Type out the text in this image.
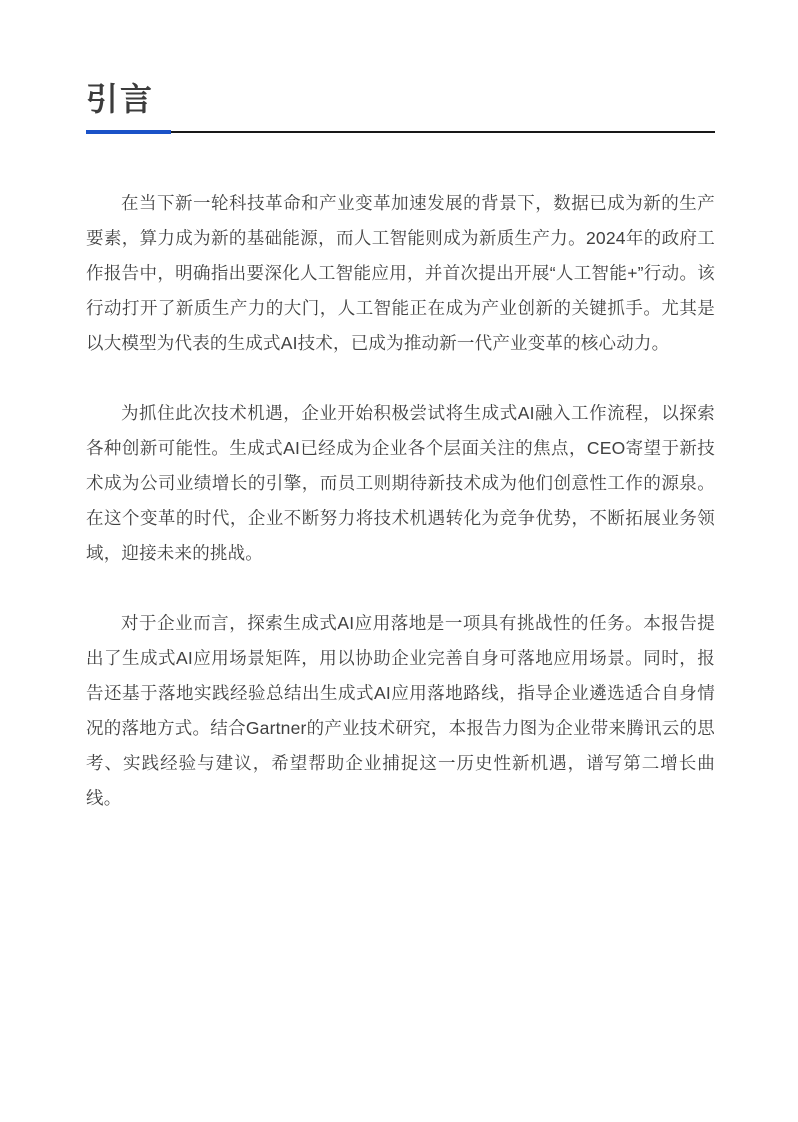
引言

在当下新一轮科技革命和产业变革加速发展的背景下，数据已成为新的生产要素，算力成为新的基础能源，而人工智能则成为新质生产力。2024年的政府工作报告中，明确指出要深化人工智能应用，并首次提出开展“人工智能+”行动。该行动打开了新质生产力的大门，人工智能正在成为产业创新的关键抓手。尤其是以大模型为代表的生成式AI技术，已成为推动新一代产业变革的核心动力。

为抓住此次技术机遇，企业开始积极尝试将生成式AI融入工作流程，以探索各种创新可能性。生成式AI已经成为企业各个层面关注的焦点，CEO寄望于新技术成为公司业绩增长的引擎，而员工则期待新技术成为他们创意性工作的源泉。在这个变革的时代，企业不断努力将技术机遇转化为竞争优势，不断拓展业务领域，迎接未来的挑战。

对于企业而言，探索生成式AI应用落地是一项具有挑战性的任务。本报告提出了生成式AI应用场景矩阵，用以协助企业完善自身可落地应用场景。同时，报告还基于落地实践经验总结出生成式AI应用落地路线，指导企业遴选适合自身情况的落地方式。结合Gartner的产业技术研究，本报告力图为企业带来腾讯云的思考、实践经验与建议，希望帮助企业捕捉这一历史性新机遇，谱写第二增长曲线。
